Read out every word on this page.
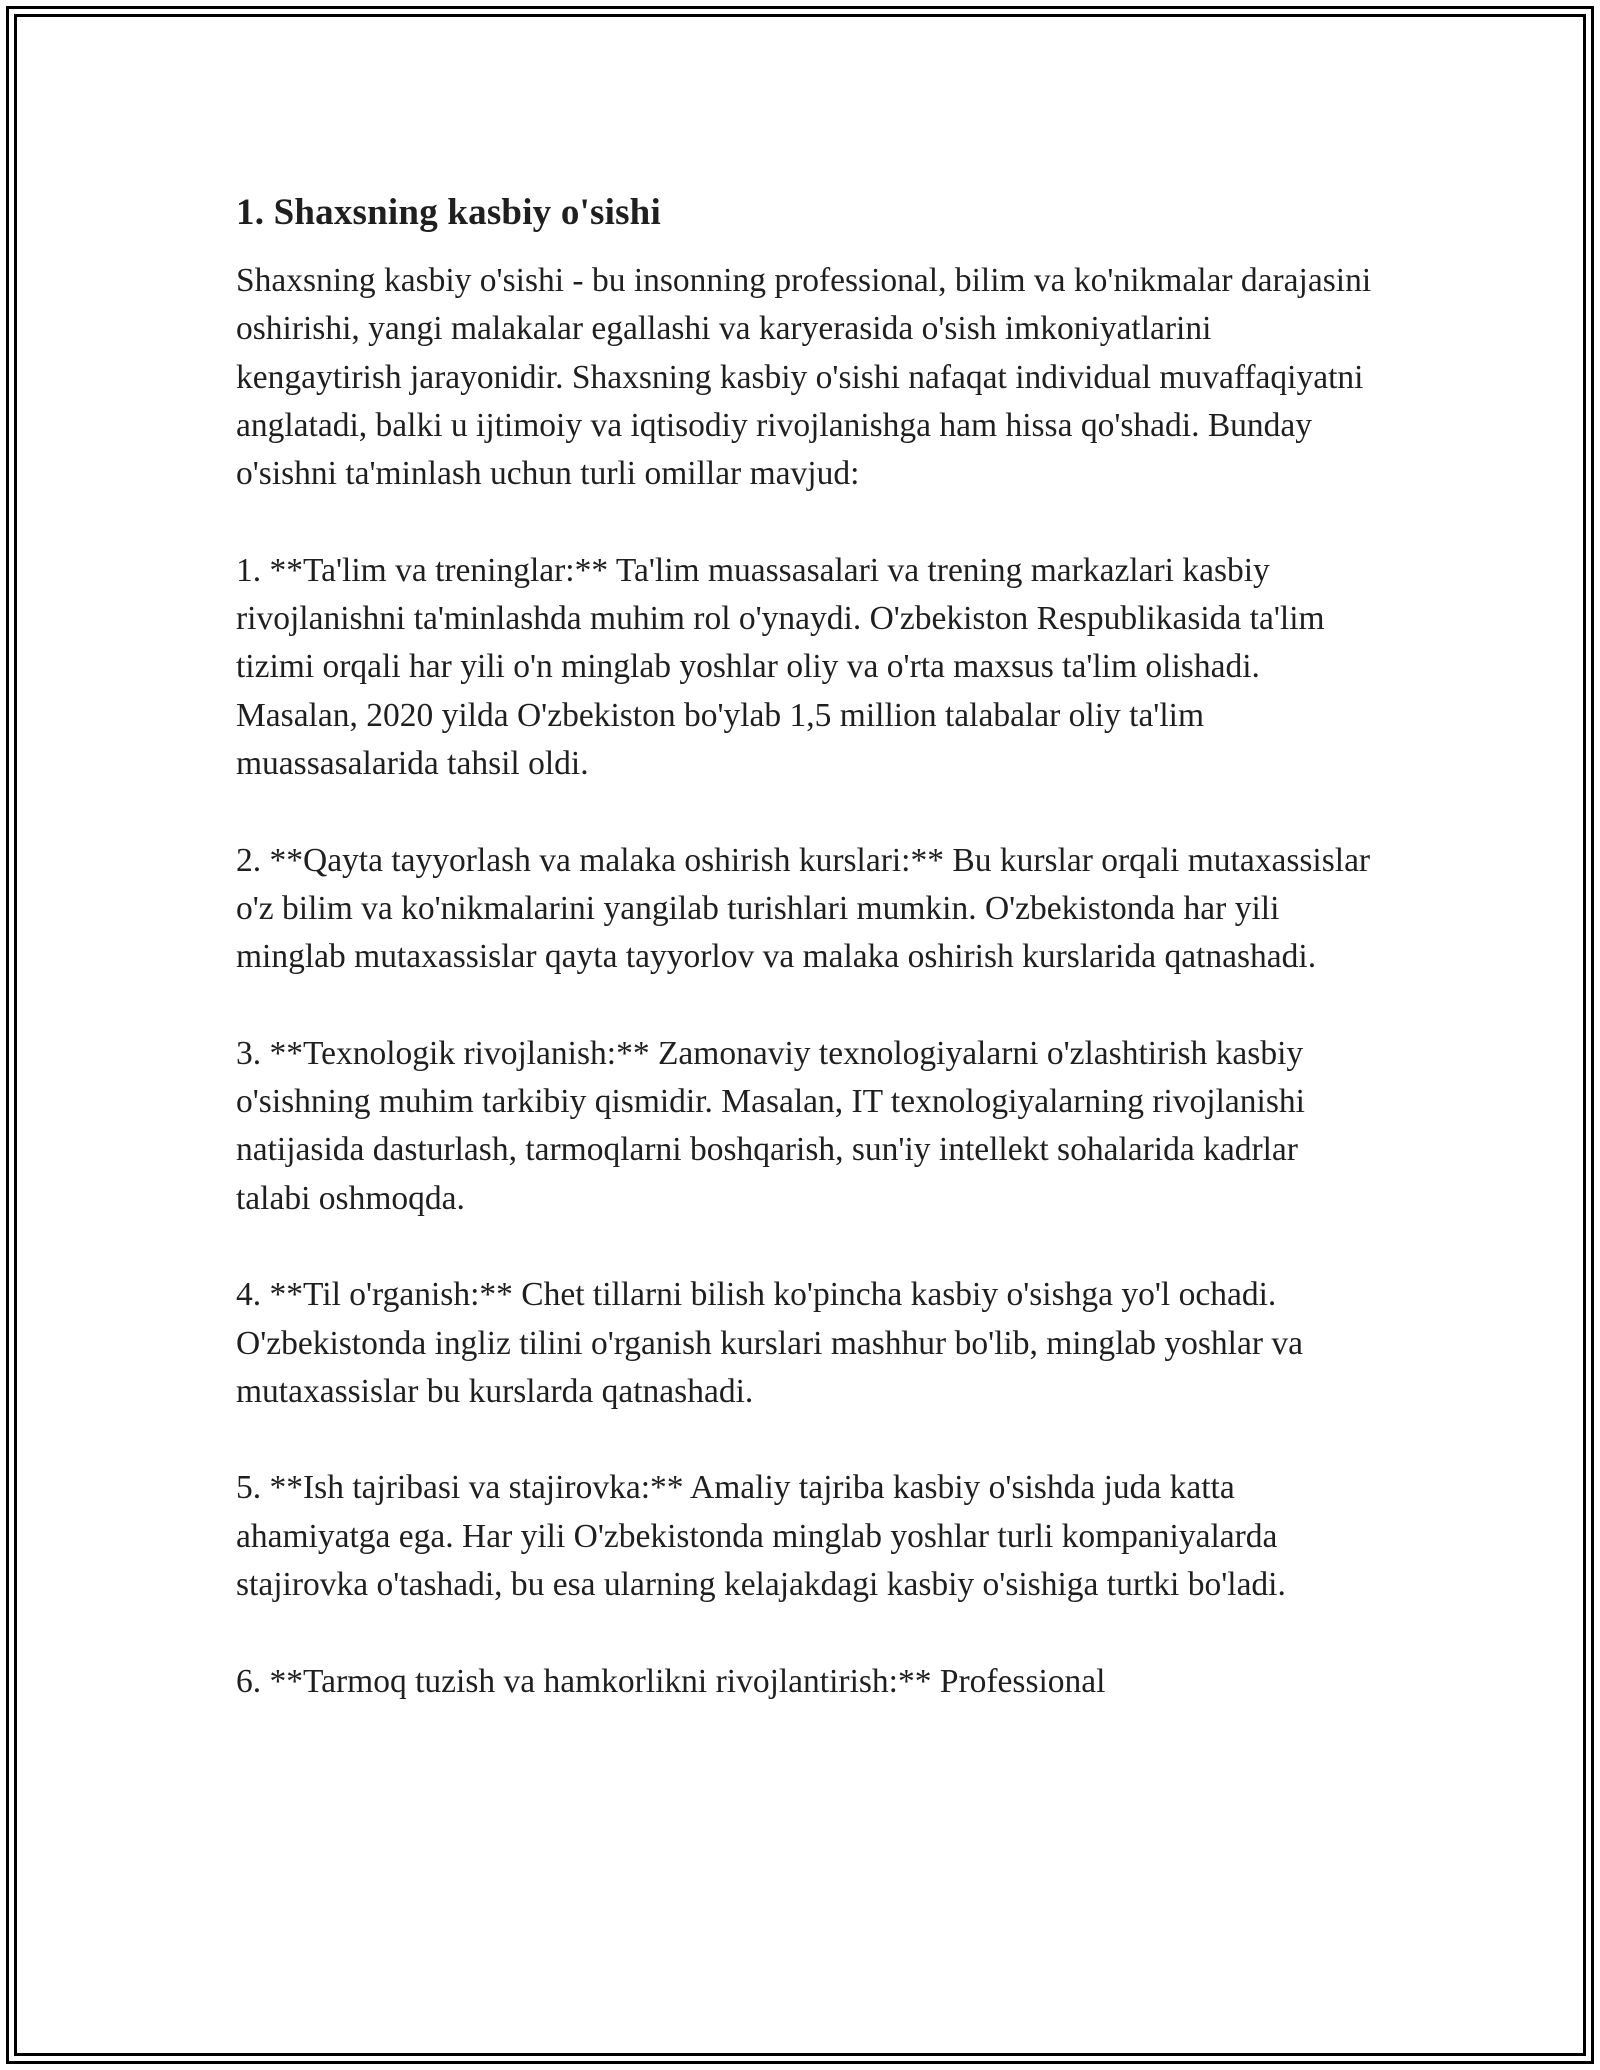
1. Shaxsning kasbiy o'sishi

Shaxsning kasbiy o'sishi - bu insonning professional, bilim va ko'nikmalar darajasini oshirishi, yangi malakalar egallashi va karyerasida o'sish imkoniyatlarini kengaytirish jarayonidir. Shaxsning kasbiy o'sishi nafaqat individual muvaffaqiyatni anglatadi, balki u ijtimoiy va iqtisodiy rivojlanishga ham hissa qo'shadi. Bunday o'sishni ta'minlash uchun turli omillar mavjud:

1. **Ta'lim va treninglar:** Ta'lim muassasalari va trening markazlari kasbiy rivojlanishni ta'minlashda muhim rol o'ynaydi. O'zbekiston Respublikasida ta'lim tizimi orqali har yili o'n minglab yoshlar oliy va o'rta maxsus ta'lim olishadi. Masalan, 2020 yilda O'zbekiston bo'ylab 1,5 million talabalar oliy ta'lim muassasalarida tahsil oldi.

2. **Qayta tayyorlash va malaka oshirish kurslari:** Bu kurslar orqali mutaxassislar o'z bilim va ko'nikmalarini yangilab turishlari mumkin. O'zbekistonda har yili minglab mutaxassislar qayta tayyorlov va malaka oshirish kurslarida qatnashadi.

3. **Texnologik rivojlanish:** Zamonaviy texnologiyalarni o'zlashtirish kasbiy o'sishning muhim tarkibiy qismidir. Masalan, IT texnologiyalarning rivojlanishi natijasida dasturlash, tarmoqlarni boshqarish, sun'iy intellekt sohalarida kadrlar talabi oshmoqda.

4. **Til o'rganish:** Chet tillarni bilish ko'pincha kasbiy o'sishga yo'l ochadi. O'zbekistonda ingliz tilini o'rganish kurslari mashhur bo'lib, minglab yoshlar va mutaxassislar bu kurslarda qatnashadi.

5. **Ish tajribasi va stajirovka:** Amaliy tajriba kasbiy o'sishda juda katta ahamiyatga ega. Har yili O'zbekistonda minglab yoshlar turli kompaniyalarda stajirovka o'tashadi, bu esa ularning kelajakdagi kasbiy o'sishiga turtki bo'ladi.

6. **Tarmoq tuzish va hamkorlikni rivojlantirish:** Professional
